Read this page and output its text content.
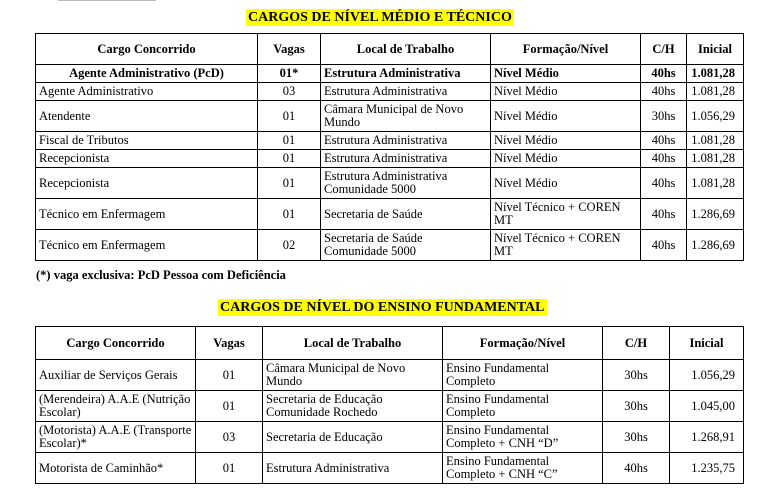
CARGOS DE NÍVEL MÉDIO E TÉCNICO
Cargo Concorrido	Vagas	Local de Trabalho	Formação/Nível	C/H	Inicial
Agente Administrativo (PcD)	01*	Estrutura Administrativa	Nível Médio	40hs	1.081,28
Agente Administrativo	03	Estrutura Administrativa	Nível Médio	40hs	1.081,28
Atendente	01	Câmara Municipal de Novo Mundo	Nível Médio	30hs	1.056,29
Fiscal de Tributos	01	Estrutura Administrativa	Nível Médio	40hs	1.081,28
Recepcionista	01	Estrutura Administrativa	Nível Médio	40hs	1.081,28
Recepcionista	01	Estrutura Administrativa Comunidade 5000	Nível Médio	40hs	1.081,28
Técnico em Enfermagem	01	Secretaria de Saúde	Nível Técnico + COREN MT	40hs	1.286,69
Técnico em Enfermagem	02	Secretaria de Saúde Comunidade 5000	Nível Técnico + COREN MT	40hs	1.286,69
(*) vaga exclusiva: PcD Pessoa com Deficiência
CARGOS DE NÍVEL DO ENSINO FUNDAMENTAL
Cargo Concorrido	Vagas	Local de Trabalho	Formação/Nível	C/H	Inicial
Auxiliar de Serviços Gerais	01	Câmara Municipal de Novo Mundo	Ensino Fundamental Completo	30hs	1.056,29
(Merendeira) A.A.E (Nutrição Escolar)	01	Secretaria de Educação Comunidade Rochedo	Ensino Fundamental Completo	30hs	1.045,00
(Motorista) A.A.E (Transporte Escolar)*	03	Secretaria de Educação	Ensino Fundamental Completo + CNH “D”	30hs	1.268,91
Motorista de Caminhão*	01	Estrutura Administrativa	Ensino Fundamental Completo + CNH “C”	40hs	1.235,75
